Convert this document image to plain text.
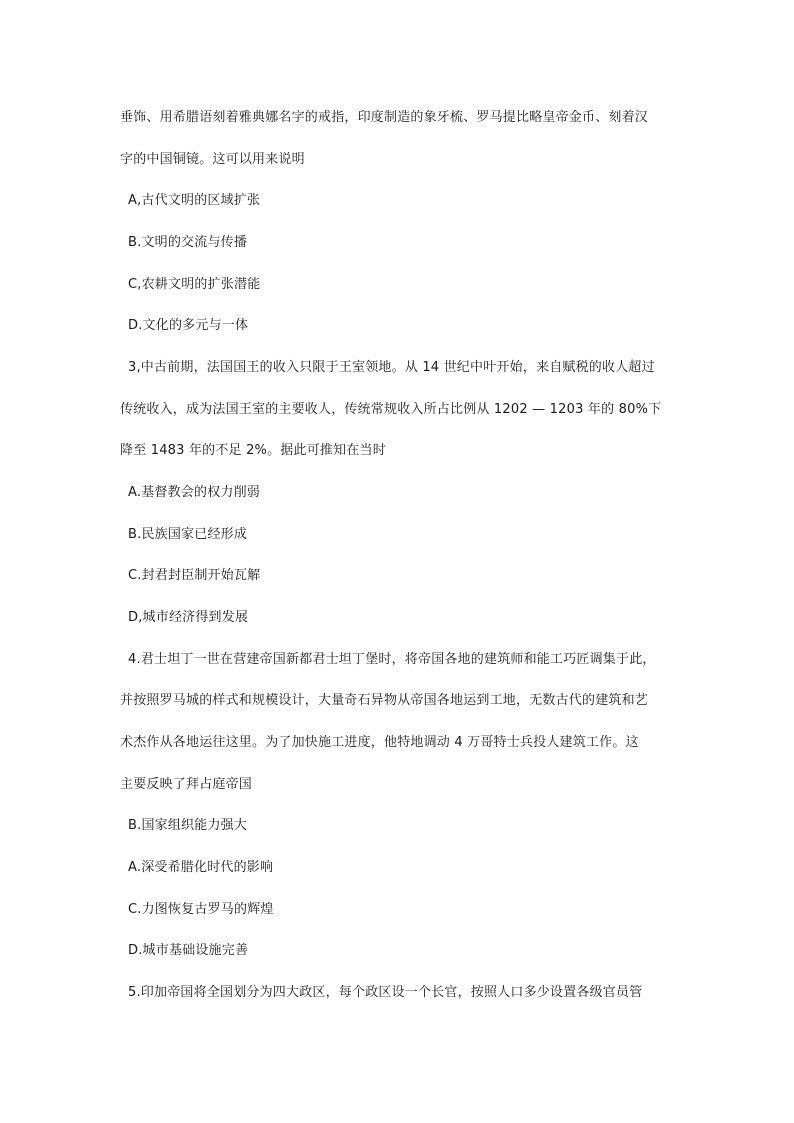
垂饰、用希腊语刻着雅典娜名字的戒指，印度制造的象牙梳、罗马提比略皇帝金币、刻着汉
字的中国铜镜。这可以用来说明
A,古代文明的区域扩张
B.文明的交流与传播
C,农耕文明的扩张潜能
D.文化的多元与一体
3,中古前期，法国国王的收入只限于王室领地。从 14 世纪中叶开始，来自赋税的收人超过
传统收入，成为法国王室的主要收人，传统常规收入所占比例从 1202 — 1203 年的 80%下
降至 1483 年的不足 2%。据此可推知在当时
A.基督教会的权力削弱
B.民族国家已经形成
C.封君封臣制开始瓦解
D,城市经济得到发展
4.君士坦丁一世在营建帝国新都君士坦丁堡时，将帝国各地的建筑师和能工巧匠调集于此，
并按照罗马城的样式和规模设计，大量奇石异物从帝国各地运到工地，无数古代的建筑和艺
术杰作从各地运往这里。为了加快施工进度，他特地调动 4 万哥特士兵投人建筑工作。这
主要反映了拜占庭帝国
B.国家组织能力强大
A.深受希腊化时代的影响
C.力图恢复古罗马的辉煌
D.城市基础设施完善
5.印加帝国将全国划分为四大政区，每个政区设一个长官，按照人口多少设置各级官员管
